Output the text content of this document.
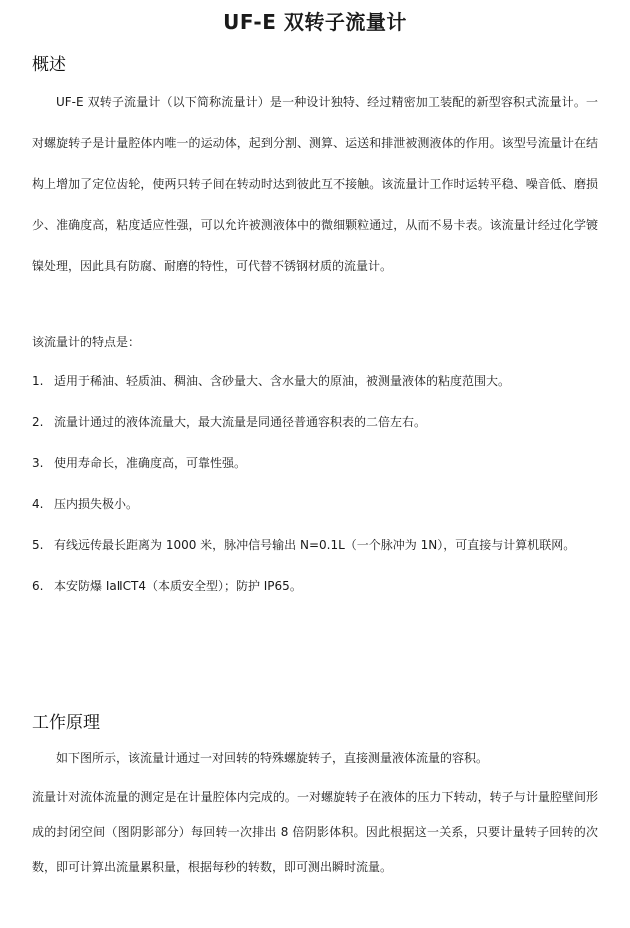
UF-E 双转子流量计
概述

UF-E 双转子流量计（以下简称流量计）是一种设计独特、经过精密加工装配的新型容积式流量计。一对螺旋转子是计量腔体内唯一的运动体，起到分割、测算、运送和排泄被测液体的作用。该型号流量计在结构上增加了定位齿轮，使两只转子间在转动时达到彼此互不接触。该流量计工作时运转平稳、噪音低、磨损少、准确度高，粘度适应性强，可以允许被测液体中的微细颗粒通过，从而不易卡表。该流量计经过化学镀镍处理，因此具有防腐、耐磨的特性，可代替不锈钢材质的流量计。

该流量计的特点是：
1. 适用于稀油、轻质油、稠油、含砂量大、含水量大的原油，被测量液体的粘度范围大。
2. 流量计通过的液体流量大，最大流量是同通径普通容积表的二倍左右。
3. 使用寿命长，准确度高，可靠性强。
4. 压内损失极小。
5. 有线远传最长距离为 1000 米，脉冲信号输出 N=0.1L（一个脉冲为 1N），可直接与计算机联网。
6. 本安防爆 IaⅡCT4（本质安全型）；防护 IP65。
工作原理

如下图所示，该流量计通过一对回转的特殊螺旋转子，直接测量液体流量的容积。

流量计对流体流量的测定是在计量腔体内完成的。一对螺旋转子在液体的压力下转动，转子与计量腔壁间形成的封闭空间（图阴影部分）每回转一次排出 8 倍阴影体积。因此根据这一关系，只要计量转子回转的次数，即可计算出流量累积量，根据每秒的转数，即可测出瞬时流量。
